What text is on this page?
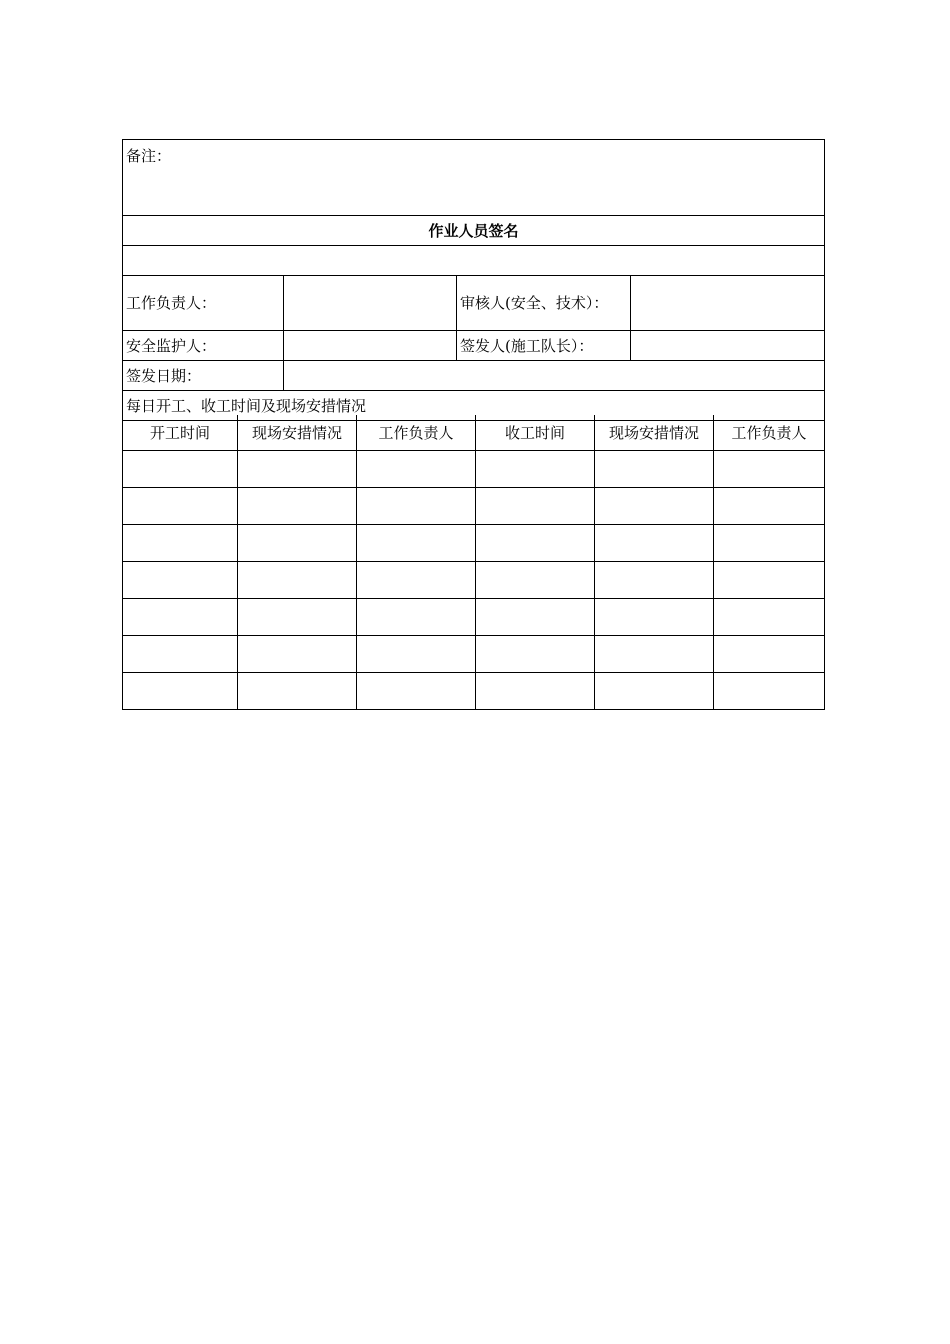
备注：			
作业人员签名			

工作负责人：		审核人(安全、技术）：	
安全监护人：		签发人(施工队长）：	
签发日期：			
每日开工、收工时间及现场安措情况			
开工时间	现场安措情况	工作负责人	收工时间	现场安措情况	工作负责人
